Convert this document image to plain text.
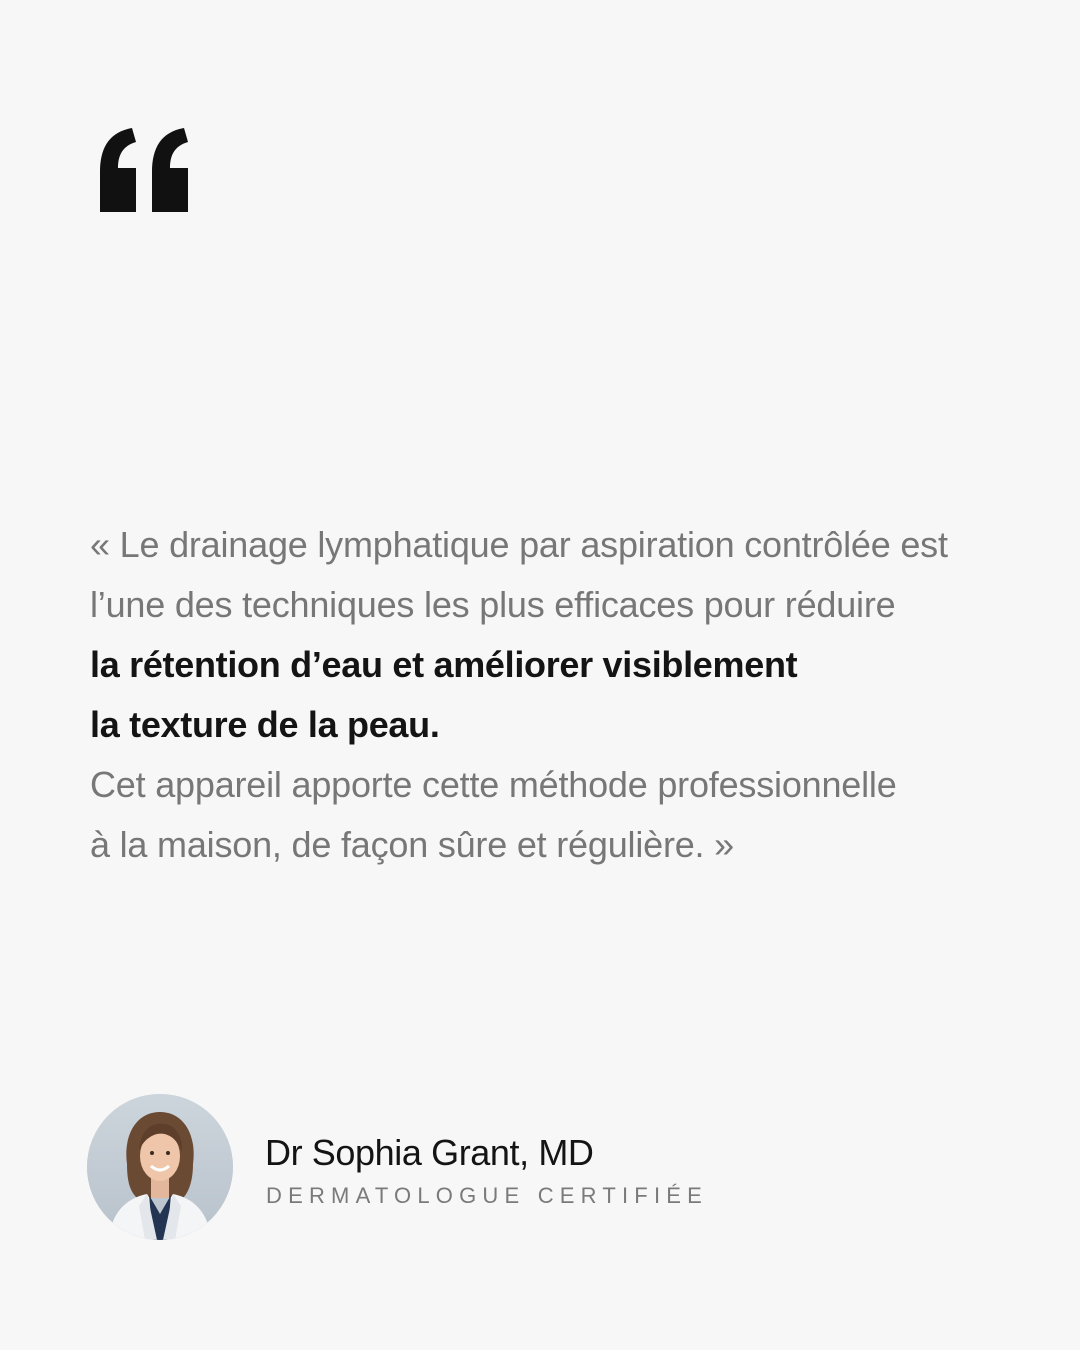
« Le drainage lymphatique par aspiration contrôlée est
l’une des techniques les plus efficaces pour réduire
la rétention d’eau et améliorer visiblement
la texture de la peau.
Cet appareil apporte cette méthode professionnelle
à la maison, de façon sûre et régulière. »
Dr Sophia Grant, MD
DERMATOLOGUE CERTIFIÉE
